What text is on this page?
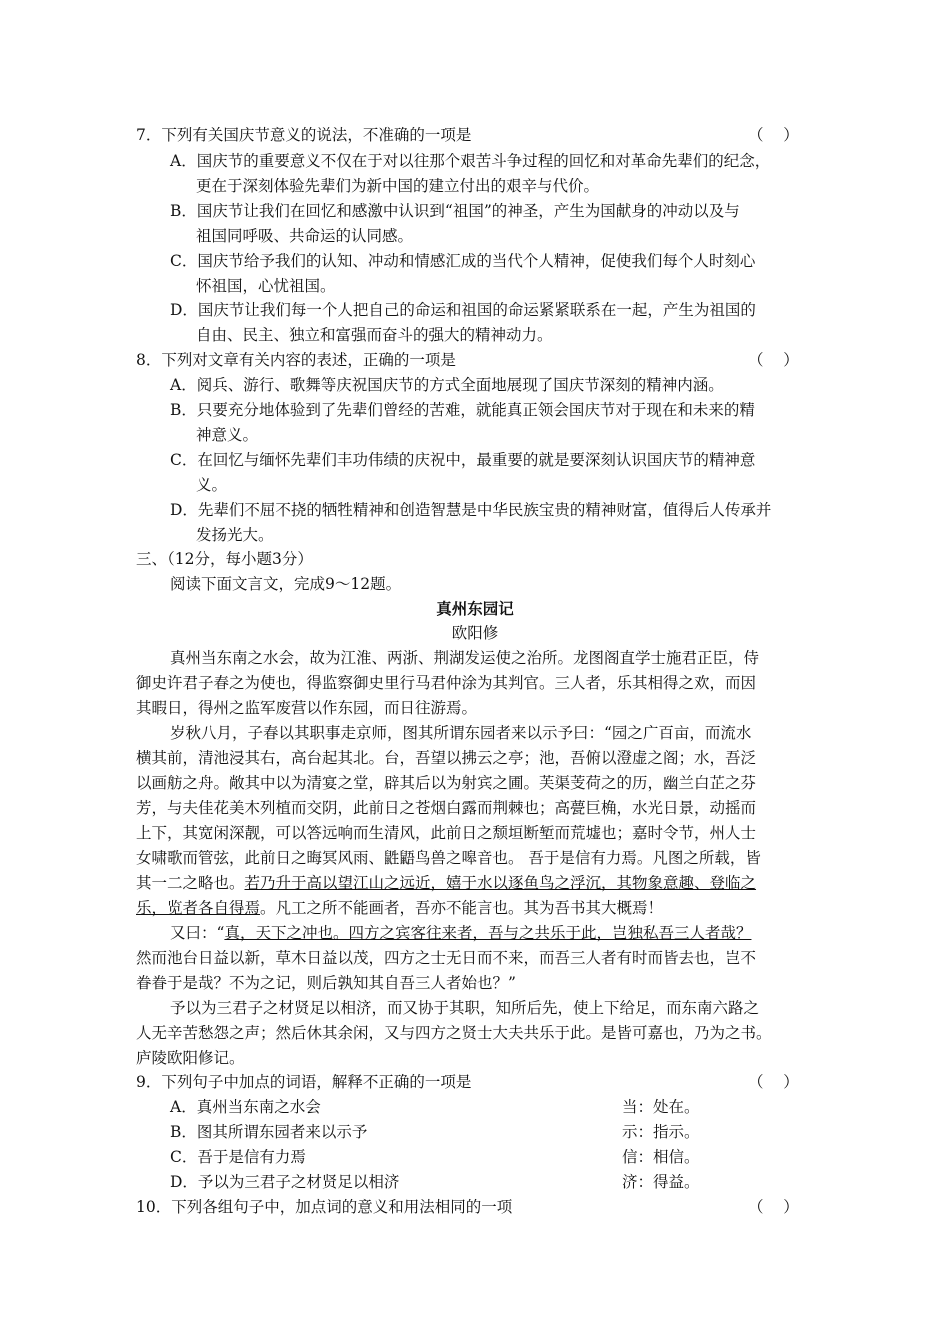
7．下列有关国庆节意义的说法，不准确的一项是	（    ）
A．国庆节的重要意义不仅在于对以往那个艰苦斗争过程的回忆和对革命先辈们的纪念，
更在于深刻体验先辈们为新中国的建立付出的艰辛与代价。
B．国庆节让我们在回忆和感激中认识到“祖国”的神圣，产生为国献身的冲动以及与
祖国同呼吸、共命运的认同感。
C．国庆节给予我们的认知、冲动和情感汇成的当代个人精神，促使我们每个人时刻心
怀祖国，心忧祖国。
D．国庆节让我们每一个人把自己的命运和祖国的命运紧紧联系在一起，产生为祖国的
自由、民主、独立和富强而奋斗的强大的精神动力。
8．下列对文章有关内容的表述，正确的一项是	（    ）
A．阅兵、游行、歌舞等庆祝国庆节的方式全面地展现了国庆节深刻的精神内涵。
B．只要充分地体验到了先辈们曾经的苦难，就能真正领会国庆节对于现在和未来的精
神意义。
C．在回忆与缅怀先辈们丰功伟绩的庆祝中，最重要的就是要深刻认识国庆节的精神意
义。
D．先辈们不屈不挠的牺牲精神和创造智慧是中华民族宝贵的精神财富，值得后人传承并
发扬光大。
三、（12分，每小题3分）
阅读下面文言文，完成9～12题。
真州东园记
欧阳修
真州当东南之水会，故为江淮、两浙、荆湖发运使之治所。龙图阁直学士施君正臣，侍
御史许君子春之为使也，得监察御史里行马君仲涂为其判官。三人者，乐其相得之欢，而因
其暇日，得州之监军废营以作东园，而日往游焉。
岁秋八月，子春以其职事走京师，图其所谓东园者来以示予曰：“园之广百亩，而流水
横其前，清池浸其右，高台起其北。台，吾望以拂云之亭；池，吾俯以澄虚之阁；水，吾泛
以画舫之舟。敞其中以为清宴之堂，辟其后以为射宾之圃。芙渠芰荷之的历，幽兰白芷之芬
芳，与夫佳花美木列植而交阴，此前日之苍烟白露而荆棘也；高甍巨桷，水光日景，动摇而
上下，其宽闲深靓，可以答远响而生清风，此前日之颓垣断堑而荒墟也；嘉时令节，州人士
女啸歌而管弦，此前日之晦冥风雨、鼪鼯鸟兽之嗥音也。 吾于是信有力焉。凡图之所载，皆
其一二之略也。若乃升于高以望江山之远近，嬉于水以逐鱼鸟之浮沉，其物象意趣、登临之
乐，览者各自得焉。凡工之所不能画者，吾亦不能言也。其为吾书其大概焉！
又曰：“真，天下之冲也。四方之宾客往来者，吾与之共乐于此，岂独私吾三人者哉？
然而池台日益以新，草木日益以茂，四方之士无日而不来，而吾三人者有时而皆去也，岂不
眷眷于是哉？不为之记，则后孰知其自吾三人者始也？”
予以为三君子之材贤足以相济，而又协于其职，知所后先，使上下给足，而东南六路之
人无辛苦愁怨之声；然后休其余闲，又与四方之贤士大夫共乐于此。是皆可嘉也，乃为之书。
庐陵欧阳修记。
9．下列句子中加点的词语，解释不正确的一项是	（    ）
A．真州当东南之水会	当：处在。
B．图其所谓东园者来以示予	示：指示。
C．吾于是信有力焉	信：相信。
D．予以为三君子之材贤足以相济	济：得益。
10．下列各组句子中，加点词的意义和用法相同的一项	（    ）
